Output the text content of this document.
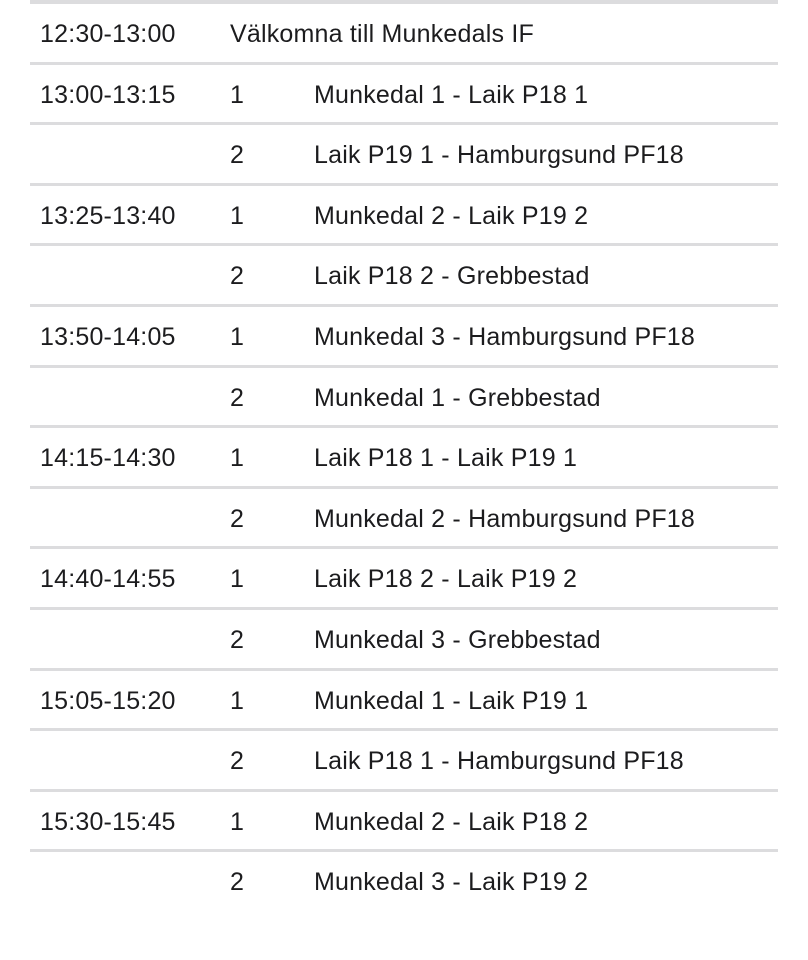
12:30-13:00 Välkomna till Munkedals IF
13:00-13:15 1	Munkedal 1 - Laik P18 1
2	Laik P19 1 - Hamburgsund PF18
13:25-13:40 1	Munkedal 2 - Laik P19 2
2	Laik P18 2 - Grebbestad
13:50-14:05 1	Munkedal 3 - Hamburgsund PF18
2	Munkedal 1 - Grebbestad
14:15-14:30 1	Laik P18 1 - Laik P19 1
2	Munkedal 2 - Hamburgsund PF18
14:40-14:55 1	Laik P18 2 - Laik P19 2
2	Munkedal 3 - Grebbestad
15:05-15:20 1	Munkedal 1 - Laik P19 1
2	Laik P18 1 - Hamburgsund PF18
15:30-15:45 1	Munkedal 2 - Laik P18 2
2	Munkedal 3 - Laik P19 2
